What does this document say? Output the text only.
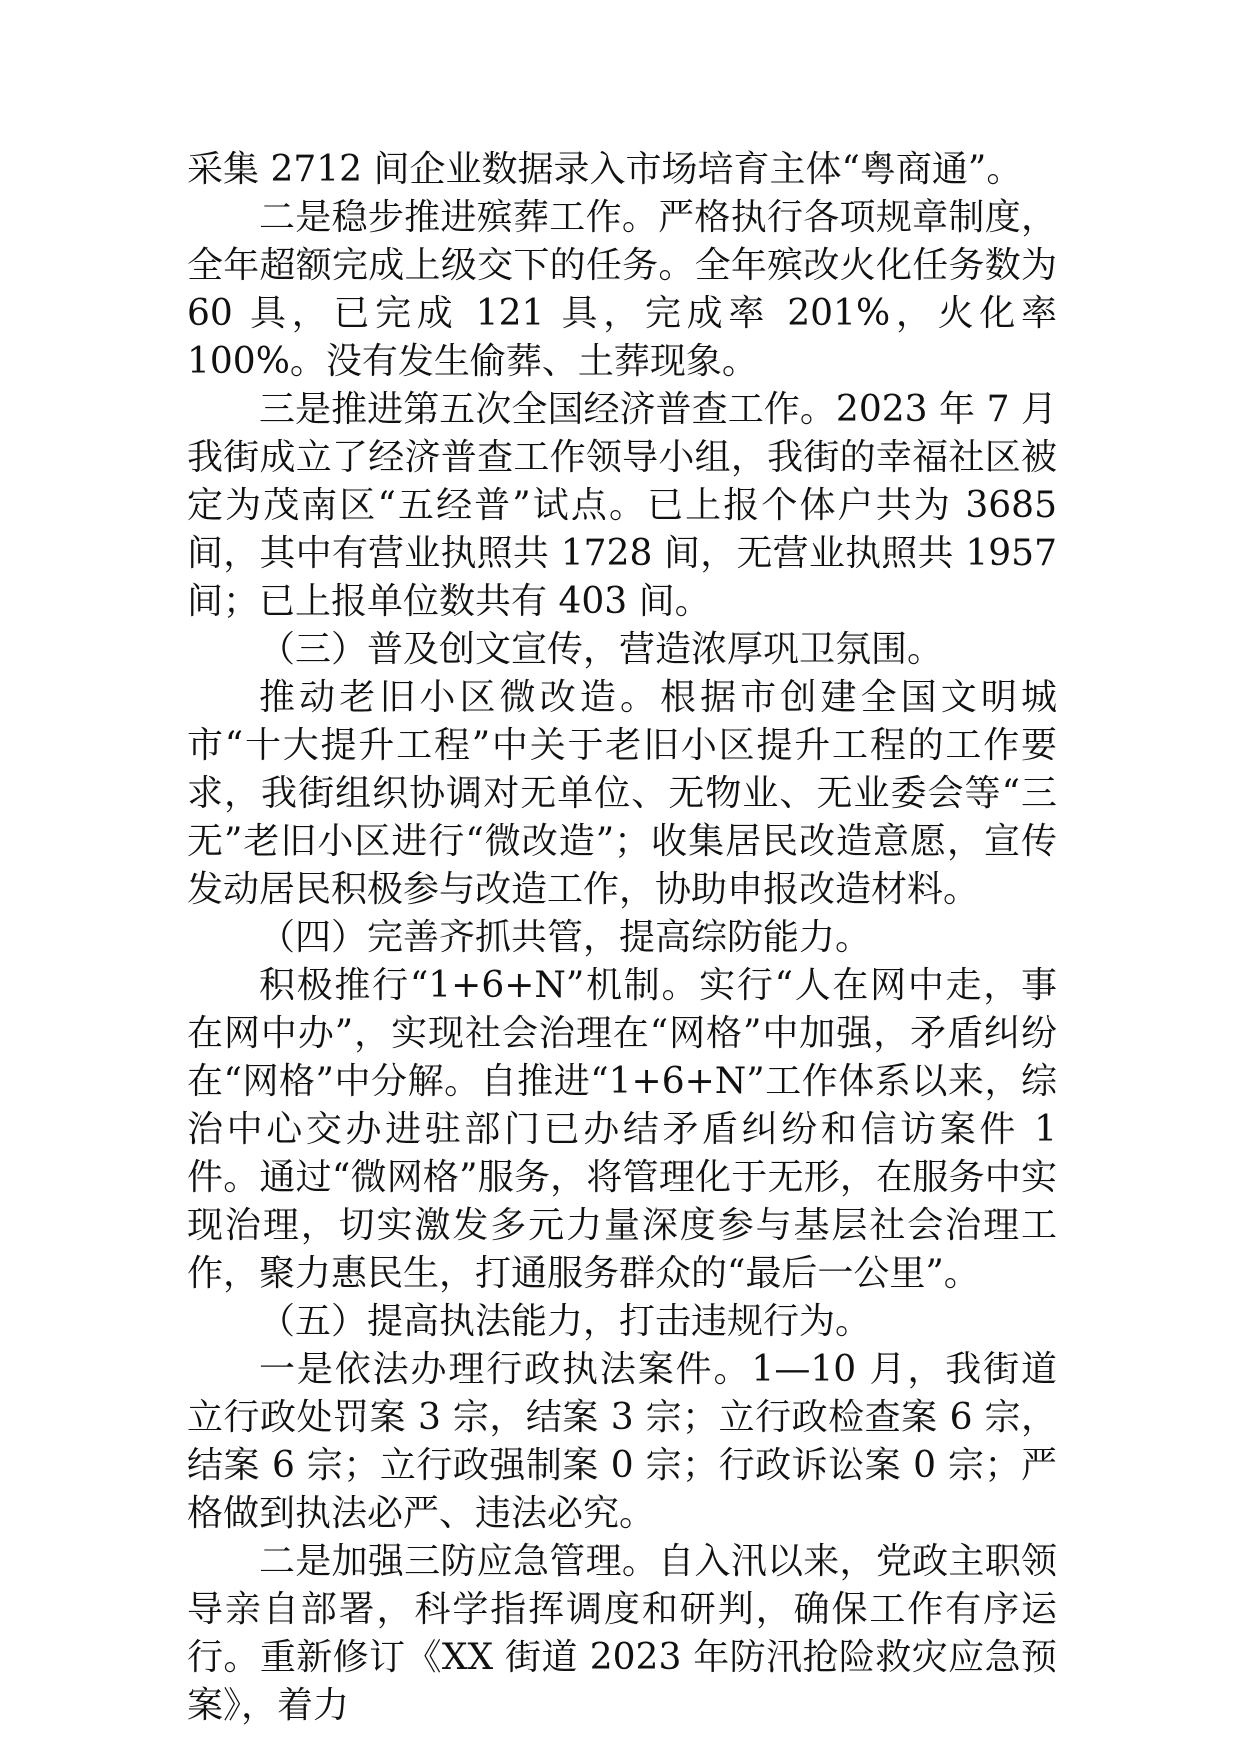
采集 2712 间企业数据录入市场培育主体“粤商通”。

二是稳步推进殡葬工作。严格执行各项规章制度，全年超额完成上级交下的任务。全年殡改火化任务数为 60 具，已完成 121 具，完成率 201%，火化率 100%。没有发生偷葬、土葬现象。

三是推进第五次全国经济普查工作。2023 年 7 月我街成立了经济普查工作领导小组，我街的幸福社区被定为茂南区“五经普”试点。已上报个体户共为 3685 间，其中有营业执照共 1728 间，无营业执照共 1957 间；已上报单位数共有 403 间。

（三）普及创文宣传，营造浓厚巩卫氛围。

推动老旧小区微改造。根据市创建全国文明城市“十大提升工程”中关于老旧小区提升工程的工作要求，我街组织协调对无单位、无物业、无业委会等“三无”老旧小区进行“微改造”；收集居民改造意愿，宣传发动居民积极参与改造工作，协助申报改造材料。

（四）完善齐抓共管，提高综防能力。

积极推行“1+6+N”机制。实行“人在网中走，事在网中办”，实现社会治理在“网格”中加强，矛盾纠纷在“网格”中分解。自推进“1+6+N”工作体系以来，综治中心交办进驻部门已办结矛盾纠纷和信访案件 1 件。通过“微网格”服务，将管理化于无形，在服务中实现治理，切实激发多元力量深度参与基层社会治理工作，聚力惠民生，打通服务群众的“最后一公里”。

（五）提高执法能力，打击违规行为。

一是依法办理行政执法案件。1—10 月，我街道立行政处罚案 3 宗，结案 3 宗；立行政检查案 6 宗，结案 6 宗；立行政强制案 0 宗；行政诉讼案 0 宗；严格做到执法必严、违法必究。

二是加强三防应急管理。自入汛以来，党政主职领导亲自部署，科学指挥调度和研判，确保工作有序运行。重新修订《XX 街道 2023 年防汛抢险救灾应急预案》，着力
